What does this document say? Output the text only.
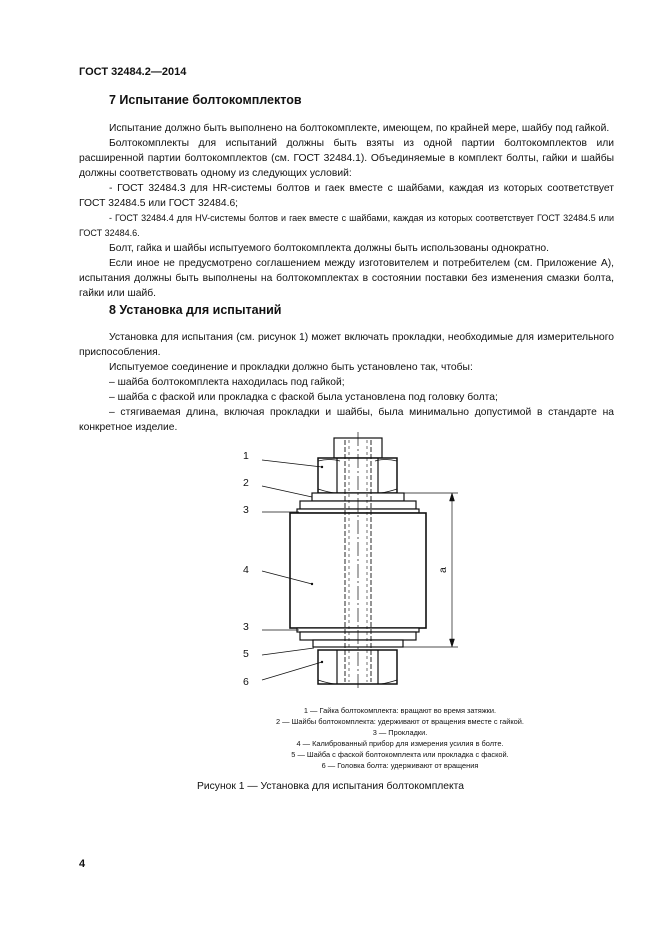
ГОСТ 32484.2—2014
7 Испытание болтокомплектов

Испытание должно быть выполнено на болтокомплекте, имеющем, по крайней мере, шайбу под гайкой.

Болтокомплекты для испытаний должны быть взяты из одной партии болтокомплектов или расширенной партии болтокомплектов (см. ГОСТ 32484.1). Объединяемые в комплект болты, гайки и шайбы должны соответствовать одному из следующих условий:

- ГОСТ 32484.3 для HR-системы болтов и гаек вместе с шайбами, каждая из которых соответствует ГОСТ 32484.5 или ГОСТ 32484.6;

- ГОСТ 32484.4 для HV-системы болтов и гаек вместе с шайбами, каждая из которых соответствует ГОСТ 32484.5 или ГОСТ 32484.6.

Болт, гайка и шайбы испытуемого болтокомплекта должны быть использованы однократно.

Если иное не предусмотрено соглашением между изготовителем и потребителем (см. Приложение А), испытания должны быть выполнены на болтокомплектах в состоянии поставки без изменения смазки болта, гайки или шайб.

8 Установка для испытаний

Установка для испытания (см. рисунок 1) может включать прокладки, необходимые для измерительного приспособления.

Испытуемое соединение и прокладки должно быть установлено так, чтобы:

– шайба болтокомплекта находилась под гайкой;

– шайба с фаской или прокладка с фаской была установлена под головку болта;

– стягиваемая длина, включая прокладки и шайбы, была минимально допустимой в стандарте на конкретное изделие.

1
2
3
4
3
5
6
a
1 — Гайка болтокомплекта: вращают во время затяжки.
2 — Шайбы болтокомплекта: удерживают от вращения вместе с гайкой.
3 — Прокладки.
4 — Калиброванный прибор для измерения усилия в болте.
5 — Шайба с фаской болтокомплекта или прокладка с фаской.
6 — Головка болта: удерживают от вращения
Рисунок 1 — Установка для испытания болтокомплекта
4
